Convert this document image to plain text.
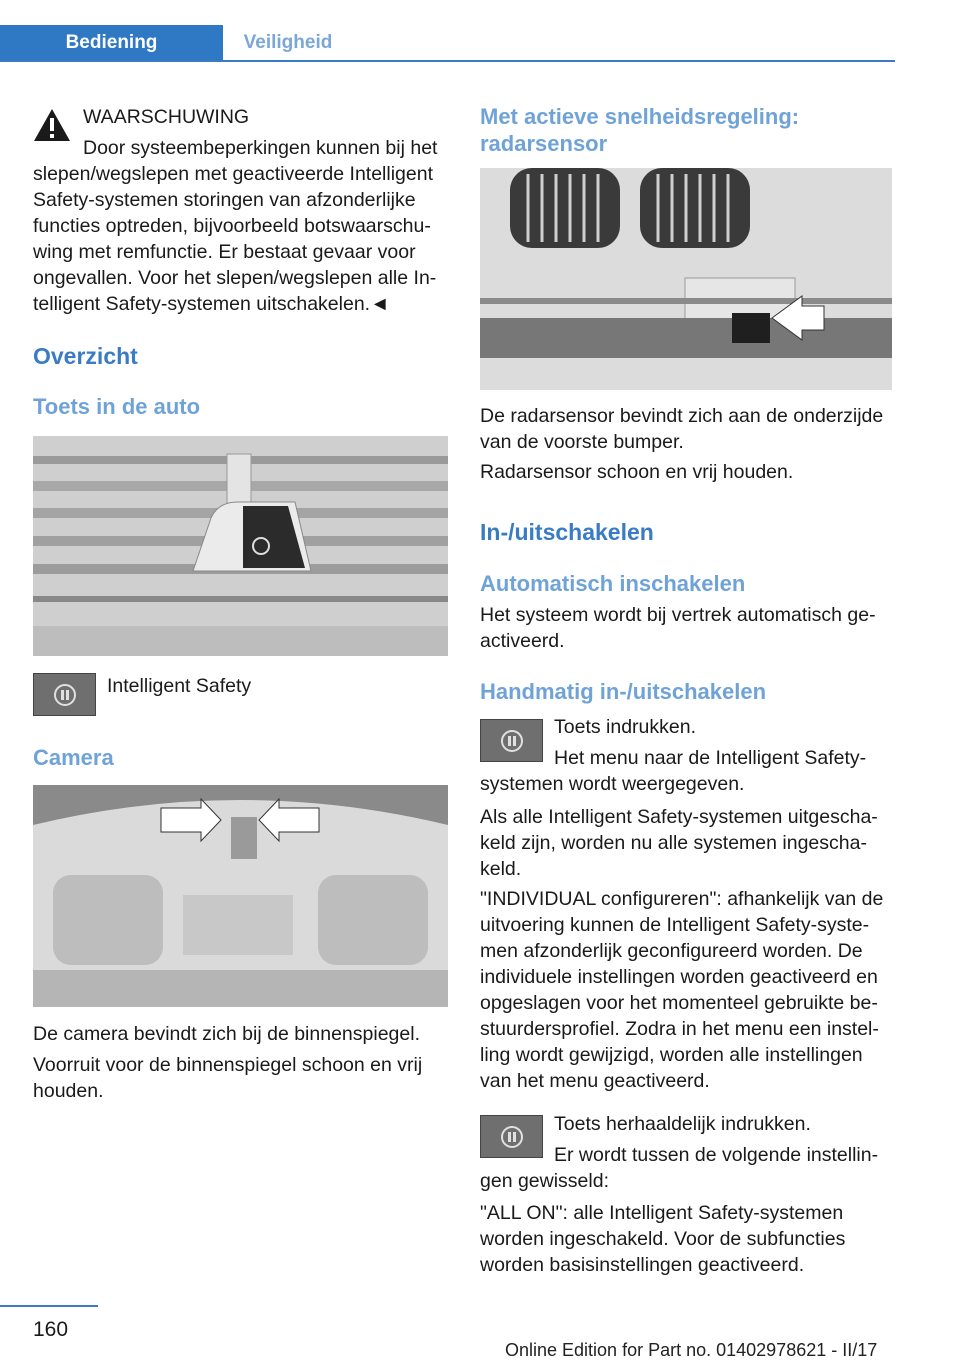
Bediening	Veiligheid

WAARSCHUWING

Door systeembeperkingen kunnen bij het slepen/wegslepen met geactiveerde Intelligent Safety-systemen storingen van afzonderlijke functies optreden, bijvoorbeeld botswaarschu-wing met remfunctie. Er bestaat gevaar voor ongevallen. Voor het slepen/wegslepen alle In-telligent Safety-systemen uitschakelen.◄

Overzicht
Toets in de auto

Intelligent Safety

Camera

De camera bevindt zich bij de binnenspiegel.

Voorruit voor de binnenspiegel schoon en vrij houden.

Met actieve snelheidsregeling: radarsensor

De radarsensor bevindt zich aan de onderzijde van de voorste bumper.

Radarsensor schoon en vrij houden.

In-/uitschakelen
Automatisch inschakelen

Het systeem wordt bij vertrek automatisch ge-activeerd.

Handmatig in-/uitschakelen

Toets indrukken.

Het menu naar de Intelligent Safety-systemen wordt weergegeven.

Als alle Intelligent Safety-systemen uitgescha-keld zijn, worden nu alle systemen ingescha-keld.

"INDIVIDUAL configureren": afhankelijk van de uitvoering kunnen de Intelligent Safety-syste-men afzonderlijk geconfigureerd worden. De individuele instellingen worden geactiveerd en opgeslagen voor het momenteel gebruikte be-stuurdersprofiel. Zodra in het menu een instel-ling wordt gewijzigd, worden alle instellingen van het menu geactiveerd.

Toets herhaaldelijk indrukken.

Er wordt tussen de volgende instellin-gen gewisseld:

"ALL ON": alle Intelligent Safety-systemen worden ingeschakeld. Voor de subfuncties worden basisinstellingen geactiveerd.

160
Online Edition for Part no. 01402978621 - II/17
